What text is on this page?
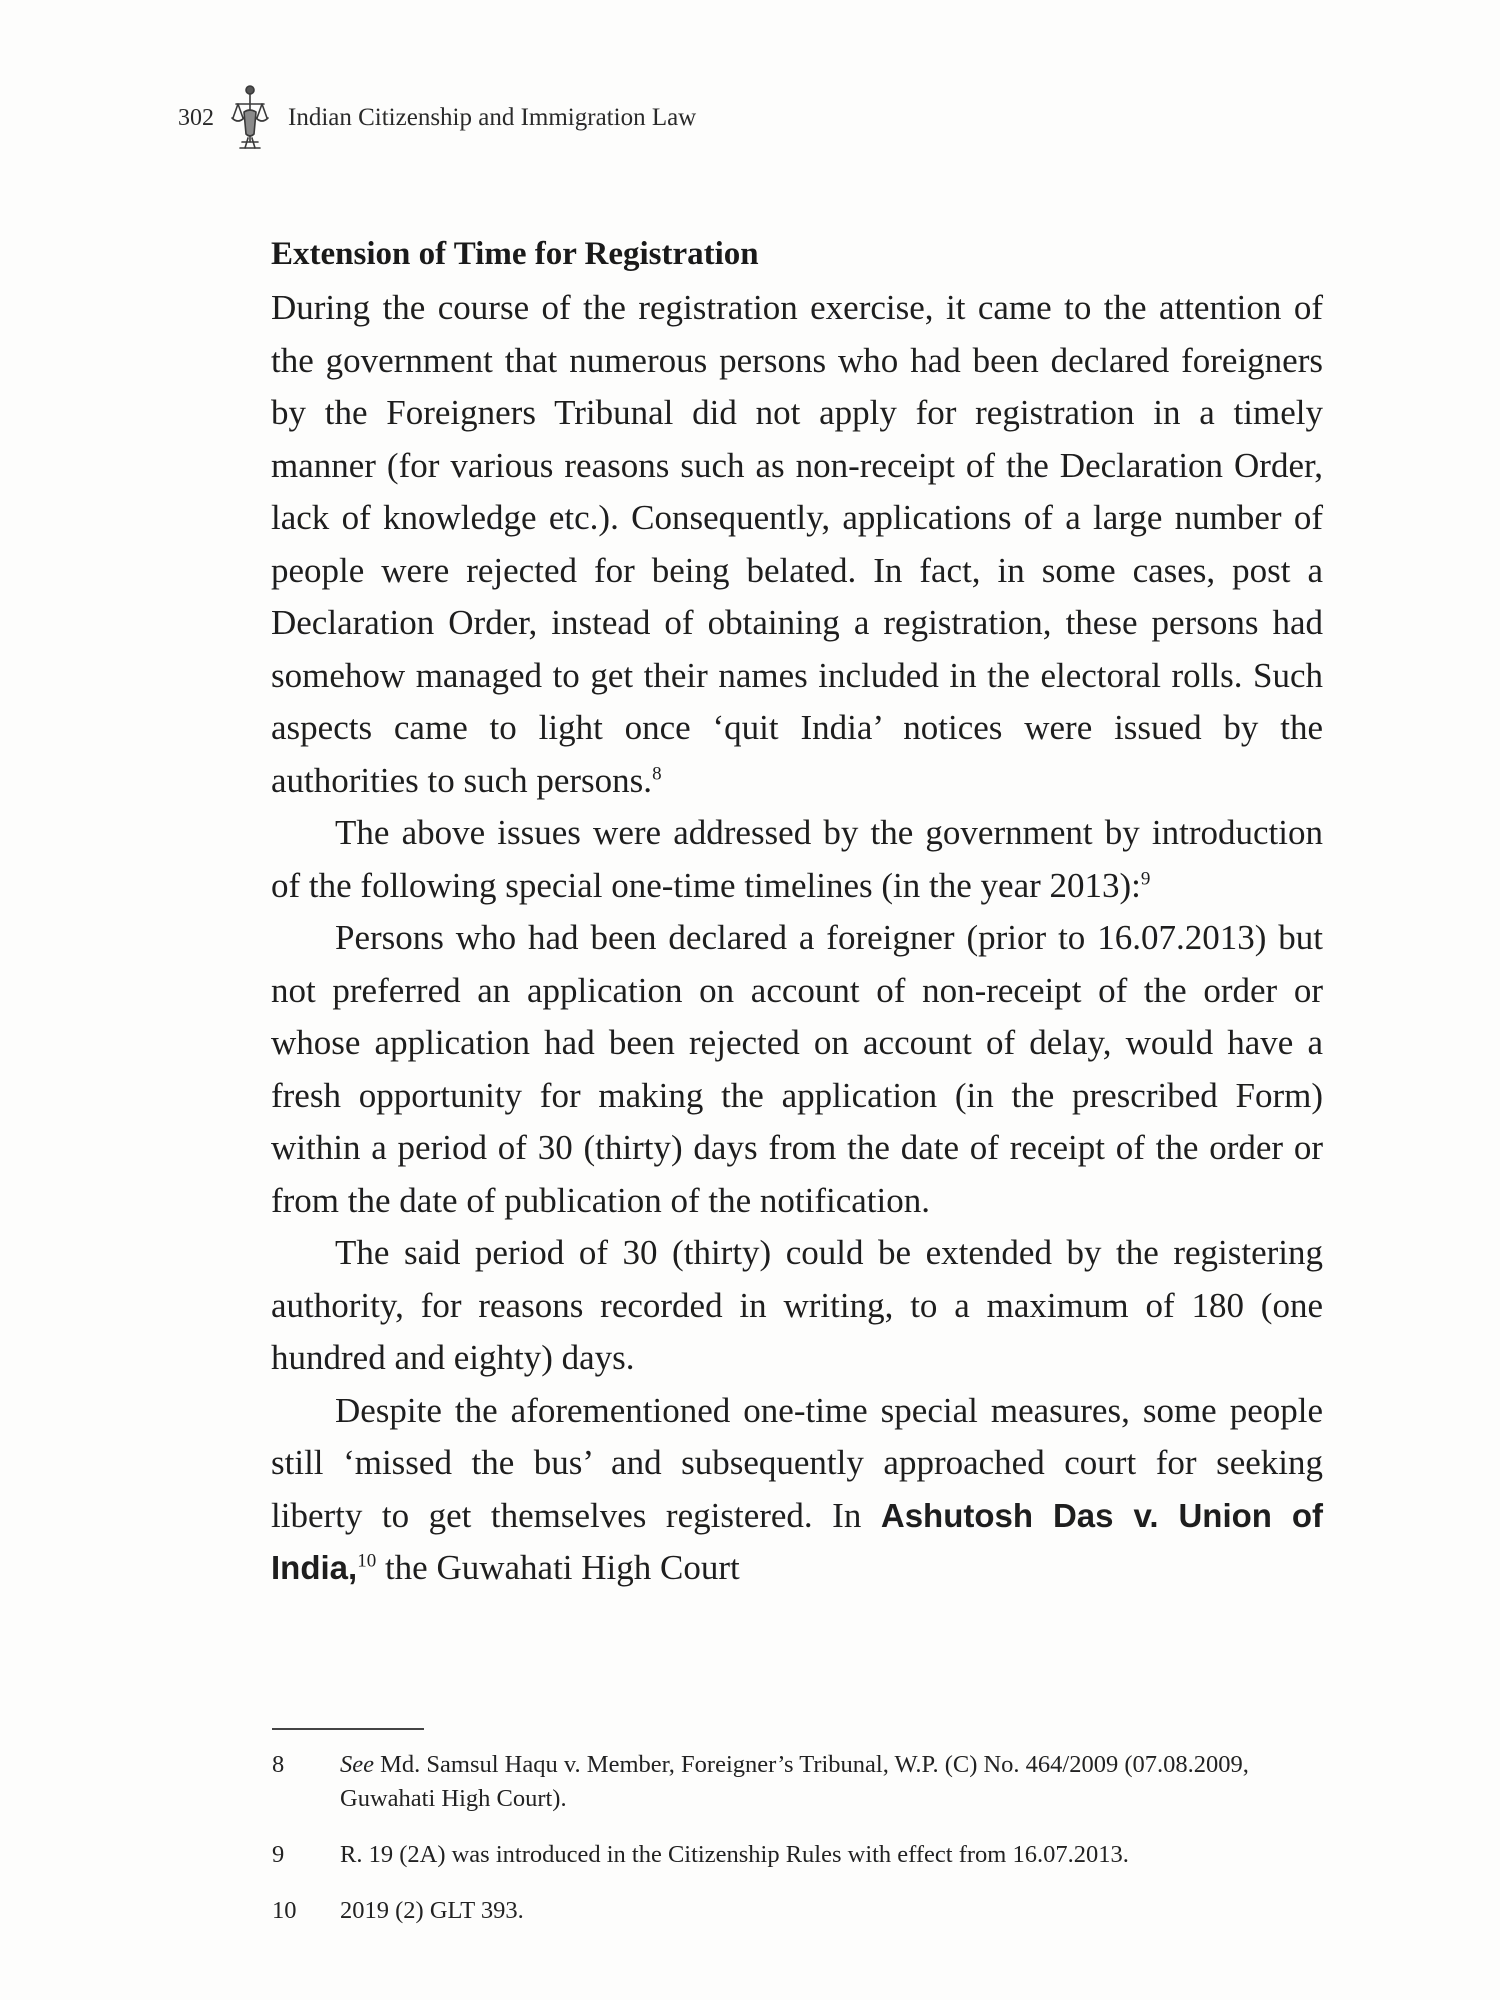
302	Indian Citizenship and Immigration Law
Extension of Time for Registration

During the course of the registration exercise, it came to the attention of the government that numerous persons who had been declared foreigners by the Foreigners Tribunal did not apply for registration in a timely manner (for various reasons such as non-receipt of the Declaration Order, lack of knowledge etc.). Consequently, applications of a large number of people were rejected for being belated. In fact, in some cases, post a Declaration Order, instead of obtaining a registration, these persons had somehow managed to get their names included in the electoral rolls. Such aspects came to light once ‘quit India’ notices were issued by the authorities to such persons.$^8$

The above issues were addressed by the government by introduction of the following special one-time timelines (in the year 2013):$^9$

Persons who had been declared a foreigner (prior to 16.07.2013) but not preferred an application on account of non-receipt of the order or whose application had been rejected on account of delay, would have a fresh opportunity for making the application (in the prescribed Form) within a period of 30 (thirty) days from the date of receipt of the order or from the date of publication of the notification.

The said period of 30 (thirty) could be extended by the registering authority, for reasons recorded in writing, to a maximum of 180 (one hundred and eighty) days.

Despite the aforementioned one-time special measures, some people still ‘missed the bus’ and subsequently approached court for seeking liberty to get themselves registered. In Ashutosh Das v. Union of India,$^{10}$ the Guwahati High Court

8	See Md. Samsul Haqu v. Member, Foreigner’s Tribunal, W.P. (C) No. 464/2009 (07.08.2009, Guwahati High Court).
9	R. 19 (2A) was introduced in the Citizenship Rules with effect from 16.07.2013.
10	2019 (2) GLT 393.
